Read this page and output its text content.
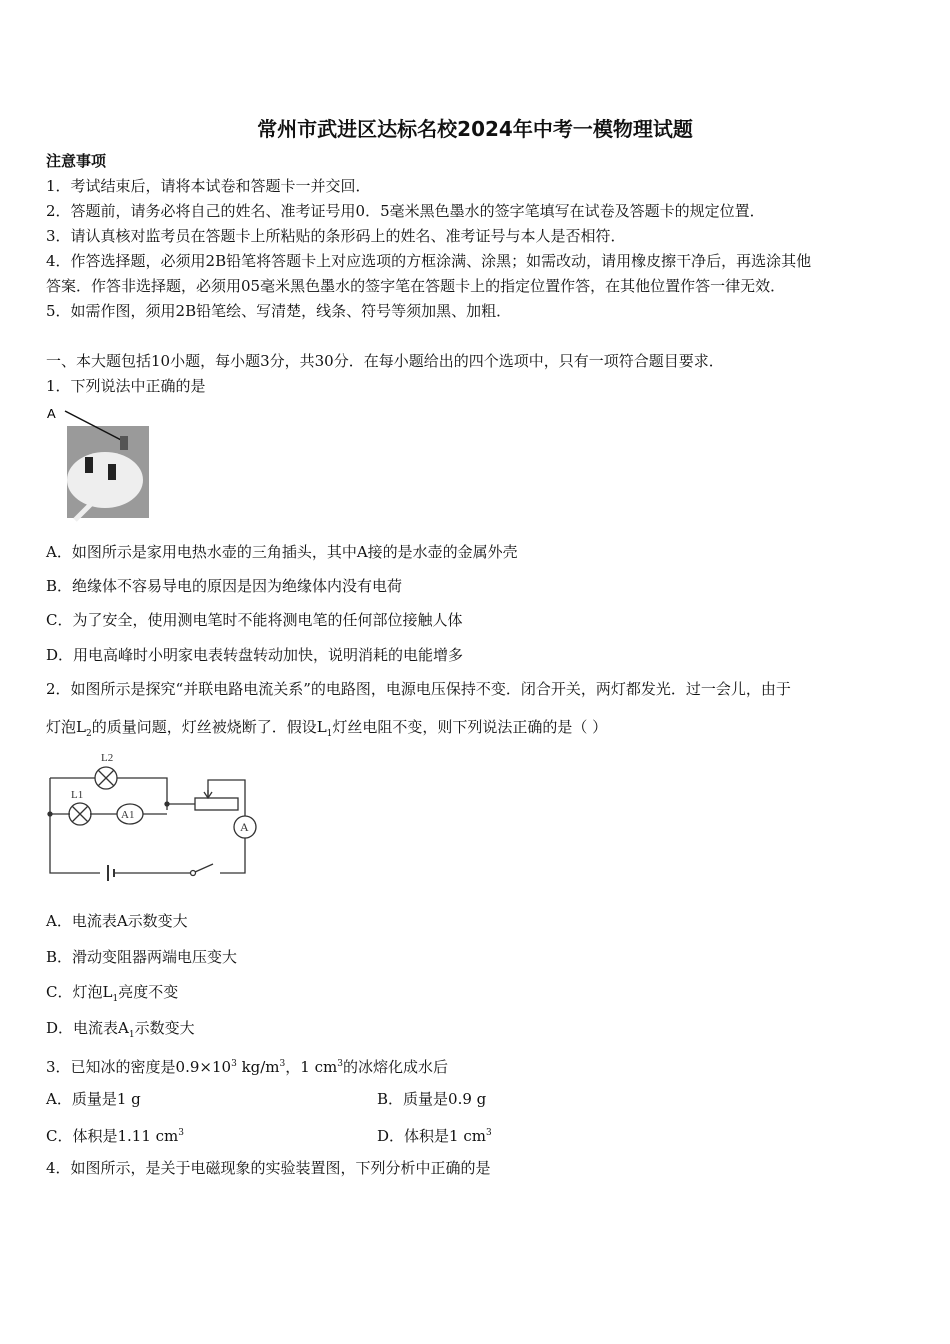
常州市武进区达标名校2024年中考一模物理试题
注意事项
1．考试结束后，请将本试卷和答题卡一并交回．
2．答题前，请务必将自己的姓名、准考证号用0．5毫米黑色墨水的签字笔填写在试卷及答题卡的规定位置．
3．请认真核对监考员在答题卡上所粘贴的条形码上的姓名、准考证号与本人是否相符．
4．作答选择题，必须用2B铅笔将答题卡上对应选项的方框涂满、涂黑；如需改动，请用橡皮擦干净后，再选涂其他
答案．作答非选择题，必须用05毫米黑色墨水的签字笔在答题卡上的指定位置作答，在其他位置作答一律无效．
5．如需作图，须用2B铅笔绘、写清楚，线条、符号等须加黑、加粗．
一、本大题包括10小题，每小题3分，共30分．在每小题给出的四个选项中，只有一项符合题目要求．
1．下列说法中正确的是
A
A．如图所示是家用电热水壶的三角插头，其中A接的是水壶的金属外壳
B．绝缘体不容易导电的原因是因为绝缘体内没有电荷
C．为了安全，使用测电笔时不能将测电笔的任何部位接触人体
D．用电高峰时小明家电表转盘转动加快，说明消耗的电能增多
2．如图所示是探究“并联电路电流关系”的电路图，电源电压保持不变．闭合开关，两灯都发光．过一会儿，由于
灯泡$L_2$的质量问题，灯丝被烧断了．假设$L_1$灯丝电阻不变，则下列说法正确的是（ ）
L2
L1
A1
A
A．电流表A示数变大
B．滑动变阻器两端电压变大
C．灯泡$L_1$亮度不变
D．电流表$A_1$示数变大
3．已知冰的密度是$0.9\times 10^3$ $kg/m^3$，1 $cm^3$的冰熔化成水后
A．质量是1 g	B．质量是0.9 g
C．体积是1.11 $cm^3$	D．体积是1 $cm^3$
4．如图所示，是关于电磁现象的实验装置图，下列分析中正确的是
